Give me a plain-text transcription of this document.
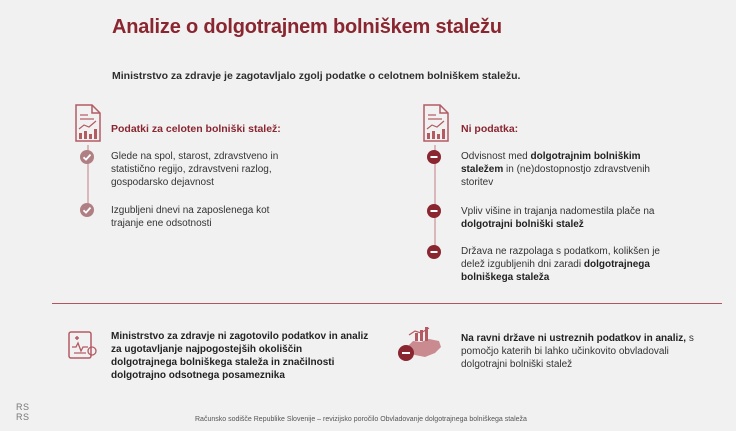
Analize o dolgotrajnem bolniškem staležu
Ministrstvo za zdravje je zagotavljalo zgolj podatke o celotnem bolniškem staležu.
Podatki za celoten bolniški stalež:
Glede na spol, starost, zdravstveno in statistično regijo, zdravstveni razlog, gospodarsko dejavnost
Izgubljeni dnevi na zaposlenega kot trajanje ene odsotnosti
Ni podatka:
Odvisnost med dolgotrajnim bolniškim staležem in (ne)dostopnostjo zdravstvenih storitev
Vpliv višine in trajanja nadomestila plače na dolgotrajni bolniški stalež
Država ne razpolaga s podatkom, kolikšen je delež izgubljenih dni zaradi dolgotrajnega bolniškega staleža
Ministrstvo za zdravje ni zagotovilo podatkov in analiz za ugotavljanje najpogostejših okoliščin dolgotrajnega bolniškega staleža in značilnosti dolgotrajno odsotnega posameznika
Na ravni države ni ustreznih podatkov in analiz, s pomočjo katerih bi lahko učinkovito obvladovali dolgotrajni bolniški stalež
RS
RS	Računsko sodišče Republike Slovenije – revizijsko poročilo Obvladovanje dolgotrajnega bolniškega staleža
